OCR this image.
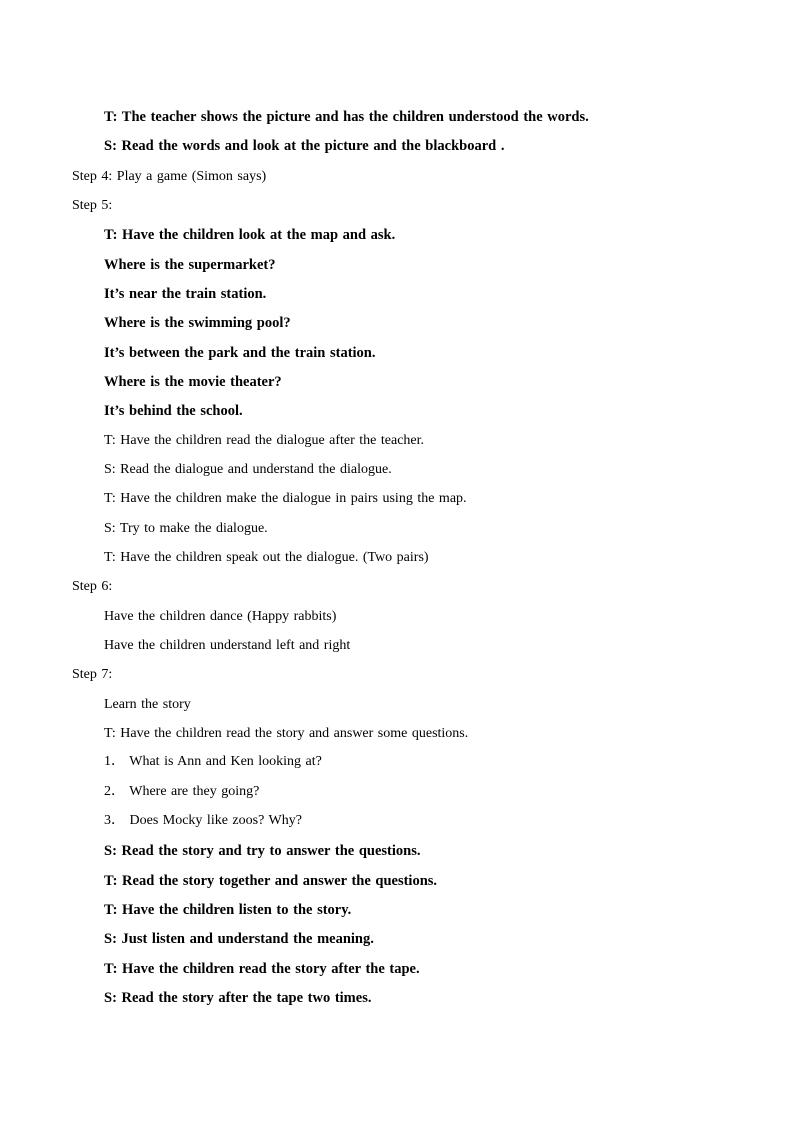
T: The teacher shows the picture and has the children understood the words.
S: Read the words and look at the picture and the blackboard .
Step 4: Play a game (Simon says)
Step 5:
T: Have the children look at the map and ask.
Where is the supermarket?
It’s near the train station.
Where is the swimming pool?
It’s between the park and the train station.
Where is the movie theater?
It’s behind the school.
T: Have the children read the dialogue after the teacher.
S: Read the dialogue and understand the dialogue.
T: Have the children make the dialogue in pairs using the map.
S: Try to make the dialogue.
T: Have the children speak out the dialogue. (Two pairs)
Step 6:
Have the children dance (Happy rabbits)
Have the children understand left and right
Step 7:
Learn the story
T: Have the children read the story and answer some questions.
1． What is Ann and Ken looking at?
2． Where are they going?
3． Does Mocky like zoos? Why?
S: Read the story and try to answer the questions.
T: Read the story together and answer the questions.
T: Have the children listen to the story.
S: Just listen and understand the meaning.
T: Have the children read the story after the tape.
S: Read the story after the tape two times.
